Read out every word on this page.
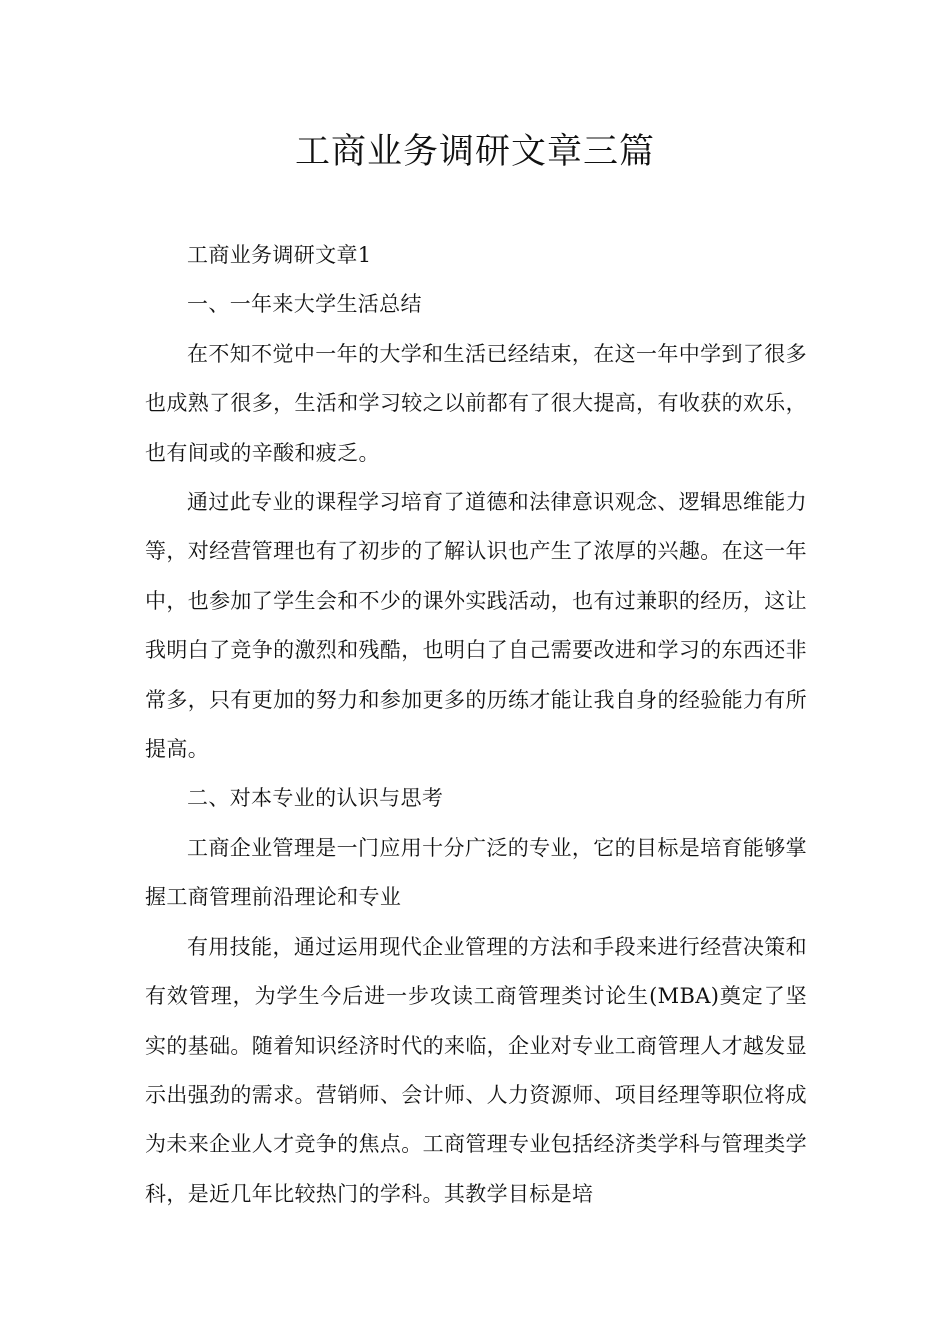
工商业务调研文章三篇

工商业务调研文章1

一、一年来大学生活总结

在不知不觉中一年的大学和生活已经结束，在这一年中学到了很多也成熟了很多，生活和学习较之以前都有了很大提高，有收获的欢乐，也有间或的辛酸和疲乏。

通过此专业的课程学习培育了道德和法律意识观念、逻辑思维能力等，对经营管理也有了初步的了解认识也产生了浓厚的兴趣。在这一年中，也参加了学生会和不少的课外实践活动，也有过兼职的经历，这让我明白了竞争的激烈和残酷，也明白了自己需要改进和学习的东西还非常多，只有更加的努力和参加更多的历练才能让我自身的经验能力有所提高。

二、对本专业的认识与思考

工商企业管理是一门应用十分广泛的专业，它的目标是培育能够掌握工商管理前沿理论和专业

有用技能，通过运用现代企业管理的方法和手段来进行经营决策和有效管理，为学生今后进一步攻读工商管理类讨论生(MBA)奠定了坚实的基础。随着知识经济时代的来临，企业对专业工商管理人才越发显示出强劲的需求。营销师、会计师、人力资源师、项目经理等职位将成为未来企业人才竞争的焦点。工商管理专业包括经济类学科与管理类学科，是近几年比较热门的学科。其教学目标是培
